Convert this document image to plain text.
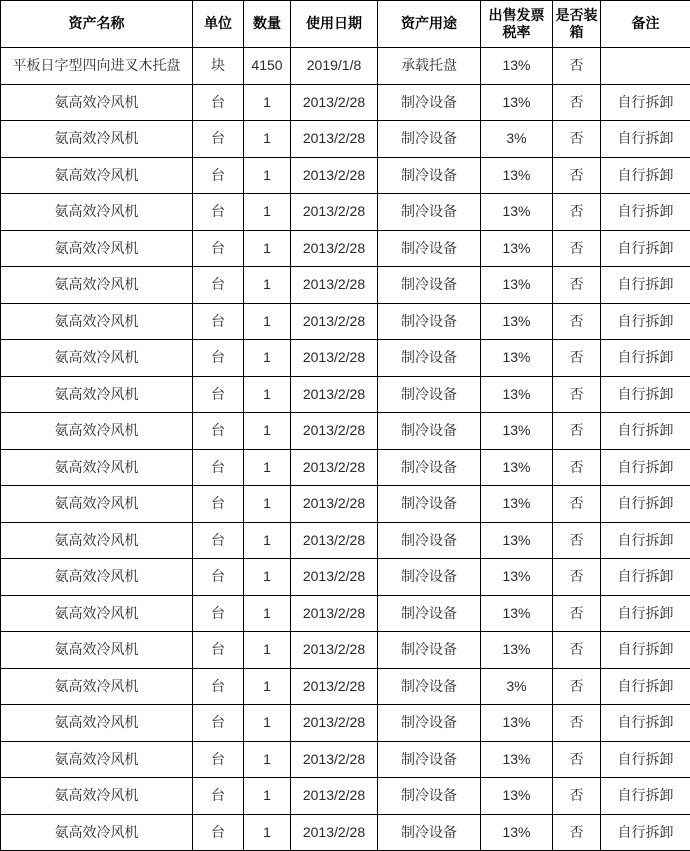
资产名称	单位	数量	使用日期	资产用途	出售发票税率	是否装箱	备注
平板日字型四向进叉木托盘	块	4150	2019/1/8	承载托盘	13%	否	
氨高效冷风机	台	1	2013/2/28	制冷设备	13%	否	自行拆卸
氨高效冷风机	台	1	2013/2/28	制冷设备	3%	否	自行拆卸
氨高效冷风机	台	1	2013/2/28	制冷设备	13%	否	自行拆卸
氨高效冷风机	台	1	2013/2/28	制冷设备	13%	否	自行拆卸
氨高效冷风机	台	1	2013/2/28	制冷设备	13%	否	自行拆卸
氨高效冷风机	台	1	2013/2/28	制冷设备	13%	否	自行拆卸
氨高效冷风机	台	1	2013/2/28	制冷设备	13%	否	自行拆卸
氨高效冷风机	台	1	2013/2/28	制冷设备	13%	否	自行拆卸
氨高效冷风机	台	1	2013/2/28	制冷设备	13%	否	自行拆卸
氨高效冷风机	台	1	2013/2/28	制冷设备	13%	否	自行拆卸
氨高效冷风机	台	1	2013/2/28	制冷设备	13%	否	自行拆卸
氨高效冷风机	台	1	2013/2/28	制冷设备	13%	否	自行拆卸
氨高效冷风机	台	1	2013/2/28	制冷设备	13%	否	自行拆卸
氨高效冷风机	台	1	2013/2/28	制冷设备	13%	否	自行拆卸
氨高效冷风机	台	1	2013/2/28	制冷设备	13%	否	自行拆卸
氨高效冷风机	台	1	2013/2/28	制冷设备	13%	否	自行拆卸
氨高效冷风机	台	1	2013/2/28	制冷设备	3%	否	自行拆卸
氨高效冷风机	台	1	2013/2/28	制冷设备	13%	否	自行拆卸
氨高效冷风机	台	1	2013/2/28	制冷设备	13%	否	自行拆卸
氨高效冷风机	台	1	2013/2/28	制冷设备	13%	否	自行拆卸
氨高效冷风机	台	1	2013/2/28	制冷设备	13%	否	自行拆卸
